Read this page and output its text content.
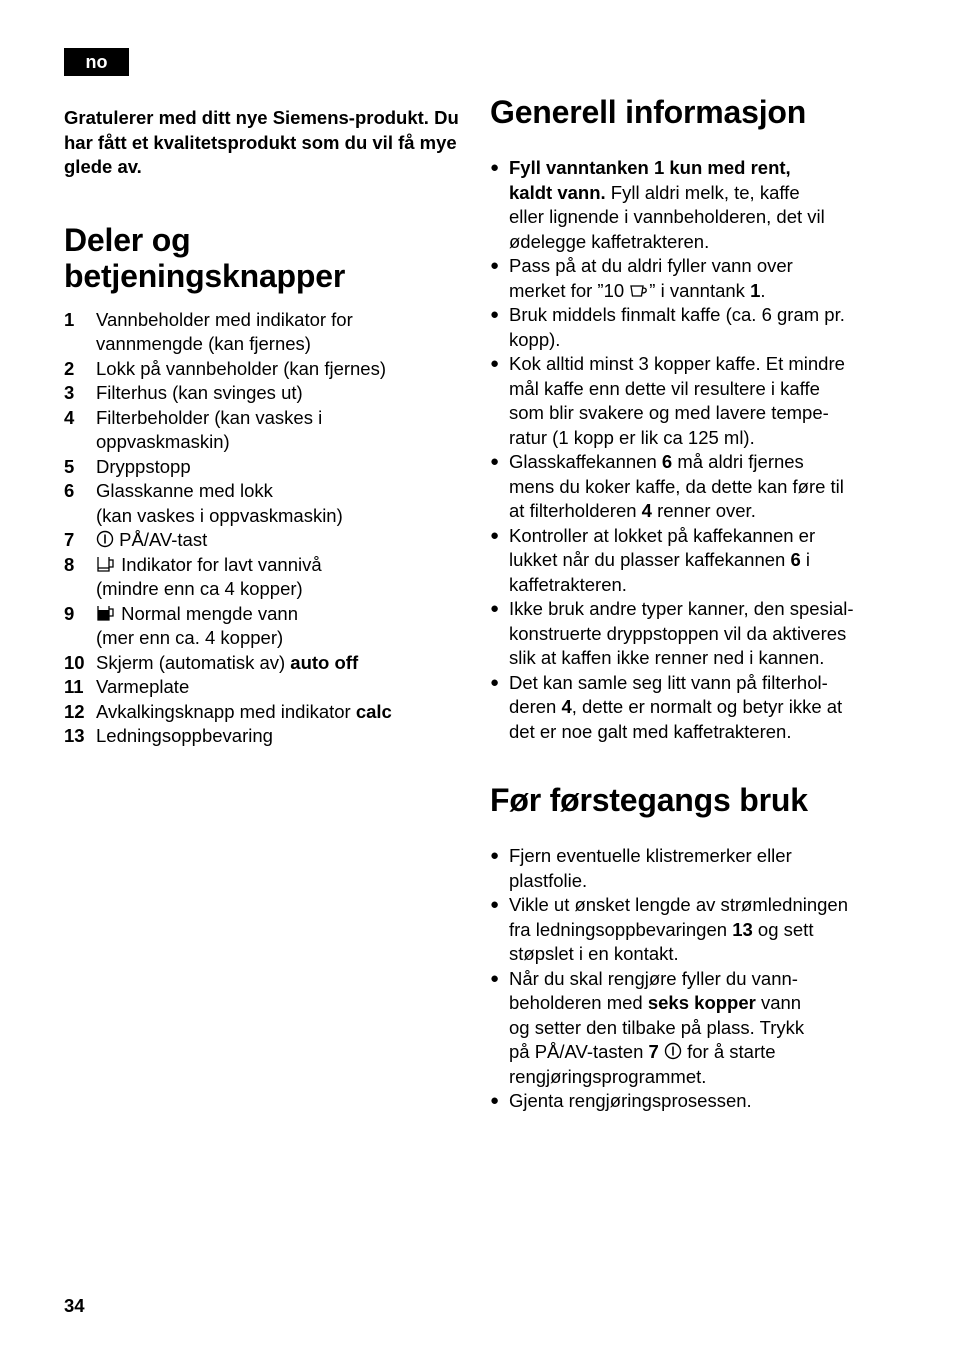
no

Gratulerer med ditt nye Siemens-produkt. Du har fått et kvalitetsprodukt som du vil få mye glede av.

Deler og
betjeningsknapper
1	Vannbeholder med indikator for
vannmengde (kan fjernes)
2	Lokk på vannbeholder (kan fjernes)
3	Filterhus (kan svinges ut)
4	Filterbeholder (kan vaskes i
oppvaskmaskin)
5	Dryppstopp
6	Glasskanne med lokk
(kan vaskes i oppvaskmaskin)
7	PÅ/AV-tast
8	Indikator for lavt vannivå
(mindre enn ca 4 kopper)
9	Normal mengde vann
(mer enn ca. 4 kopper)
10 Skjerm (automatisk av) auto off
11 Varmeplate
12 Avkalkingsknapp med indikator calc
13 Ledningsoppbevaring
Generell informasjon
● Fyll vanntanken 1 kun med rent,
kaldt vann. Fyll aldri melk, te, kaffe
eller lignende i vannbeholderen, det vil
ødelegge kaffetrakteren.
● Pass på at du aldri fyller vann over
merket for ”10 ” i vanntank 1.
● Bruk middels finmalt kaffe (ca. 6 gram pr.
kopp).
● Kok alltid minst 3 kopper kaffe. Et mindre
mål kaffe enn dette vil resultere i kaffe
som blir svakere og med lavere tempe-
ratur (1 kopp er lik ca 125 ml).
● Glasskaffekannen 6 må aldri fjernes
mens du koker kaffe, da dette kan føre til
at filterholderen 4 renner over.
● Kontroller at lokket på kaffekannen er
lukket når du plasser kaffekannen 6 i
kaffetrakteren.
● Ikke bruk andre typer kanner, den spesial-
konstruerte dryppstoppen vil da aktiveres
slik at kaffen ikke renner ned i kannen.
● Det kan samle seg litt vann på filterhol-
deren 4, dette er normalt og betyr ikke at
det er noe galt med kaffetrakteren.
Før førstegangs bruk
● Fjern eventuelle klistremerker eller
plastfolie.
● Vikle ut ønsket lengde av strømledningen
fra ledningsoppbevaringen 13 og sett
støpslet i en kontakt.
● Når du skal rengjøre fyller du vann-
beholderen med seks kopper vann
og setter den tilbake på plass. Trykk
på PÅ/AV-tasten 7  for å starte
rengjøringsprogrammet.
● Gjenta rengjøringsprosessen.
34
